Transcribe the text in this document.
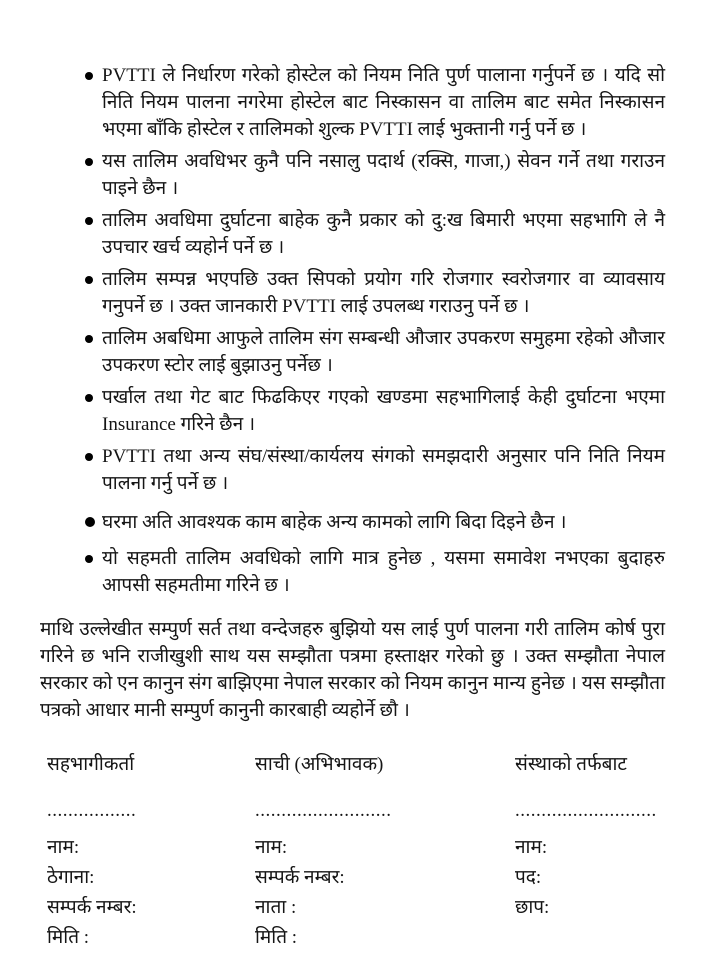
PVTTI ले निर्धारण गरेको होस्टेल को नियम निति पुर्ण पालाना गर्नुपर्ने छ । यदि सो निति नियम पालना नगरेमा होस्टेल बाट निस्कासन वा तालिम बाट समेत निस्कासन भएमा बाँकि होस्टेल र तालिमको शुल्क PVTTI लाई भुक्तानी गर्नु पर्ने छ ।
यस तालिम अवधिभर कुनै पनि नसालु पदार्थ (रक्सि, गाजा,) सेवन गर्ने तथा गराउन पाइने छैन ।
तालिम अवधिमा दुर्घाटना बाहेक कुनै प्रकार को दु:ख बिमारी भएमा सहभागि ले नै उपचार खर्च व्यहोर्न पर्ने छ ।
तालिम सम्पन्न भएपछि उक्त सिपको प्रयोग गरि रोजगार स्वरोजगार वा व्यावसाय गनुपर्ने छ । उक्त जानकारी PVTTI लाई उपलब्ध गराउनु पर्ने छ ।
तालिम अबधिमा आफुले तालिम संग सम्बन्धी औजार उपकरण समुहमा रहेको औजार उपकरण स्टोर लाई बुझाउनु पर्नेछ ।
पर्खाल तथा गेट बाट फिढकिएर गएको खण्डमा सहभागिलाई केही दुर्घाटना भएमा Insurance गरिने छैन ।
PVTTI तथा अन्य संघ/संस्था/कार्यलय संगको समझदारी अनुसार पनि निति नियम पालना गर्नु पर्ने छ ।
घरमा अति आवश्यक काम बाहेक अन्य कामको लागि बिदा दिइने छैन ।
यो सहमती तालिम अवधिको लागि मात्र हुनेछ , यसमा समावेश नभएका बुदाहरु आपसी सहमतीमा गरिने छ ।

माथि उल्लेखीत सम्पुर्ण सर्त तथा वन्देजहरु बुझियो यस लाई पुर्ण पालना गरी तालिम कोर्ष पुरा गरिने छ भनि राजीखुशी साथ यस सम्झौता पत्रमा हस्ताक्षर गरेको छु । उक्त सम्झौता नेपाल सरकार को एन कानुन संग बाझिएमा नेपाल सरकार को नियम कानुन मान्य हुनेछ । यस सम्झौता पत्रको आधार मानी सम्पुर्ण कानुनी कारबाही व्यहोर्ने छौ ।

सहभागीकर्ता
.................
नाम:
ठेगाना:
सम्पर्क नम्बर:
मिति :
साची (अभिभावक)
..........................
नाम:
सम्पर्क नम्बर:
नाता :
मिति :
संस्थाको तर्फबाट
...........................
नाम:
पद:
छाप:
